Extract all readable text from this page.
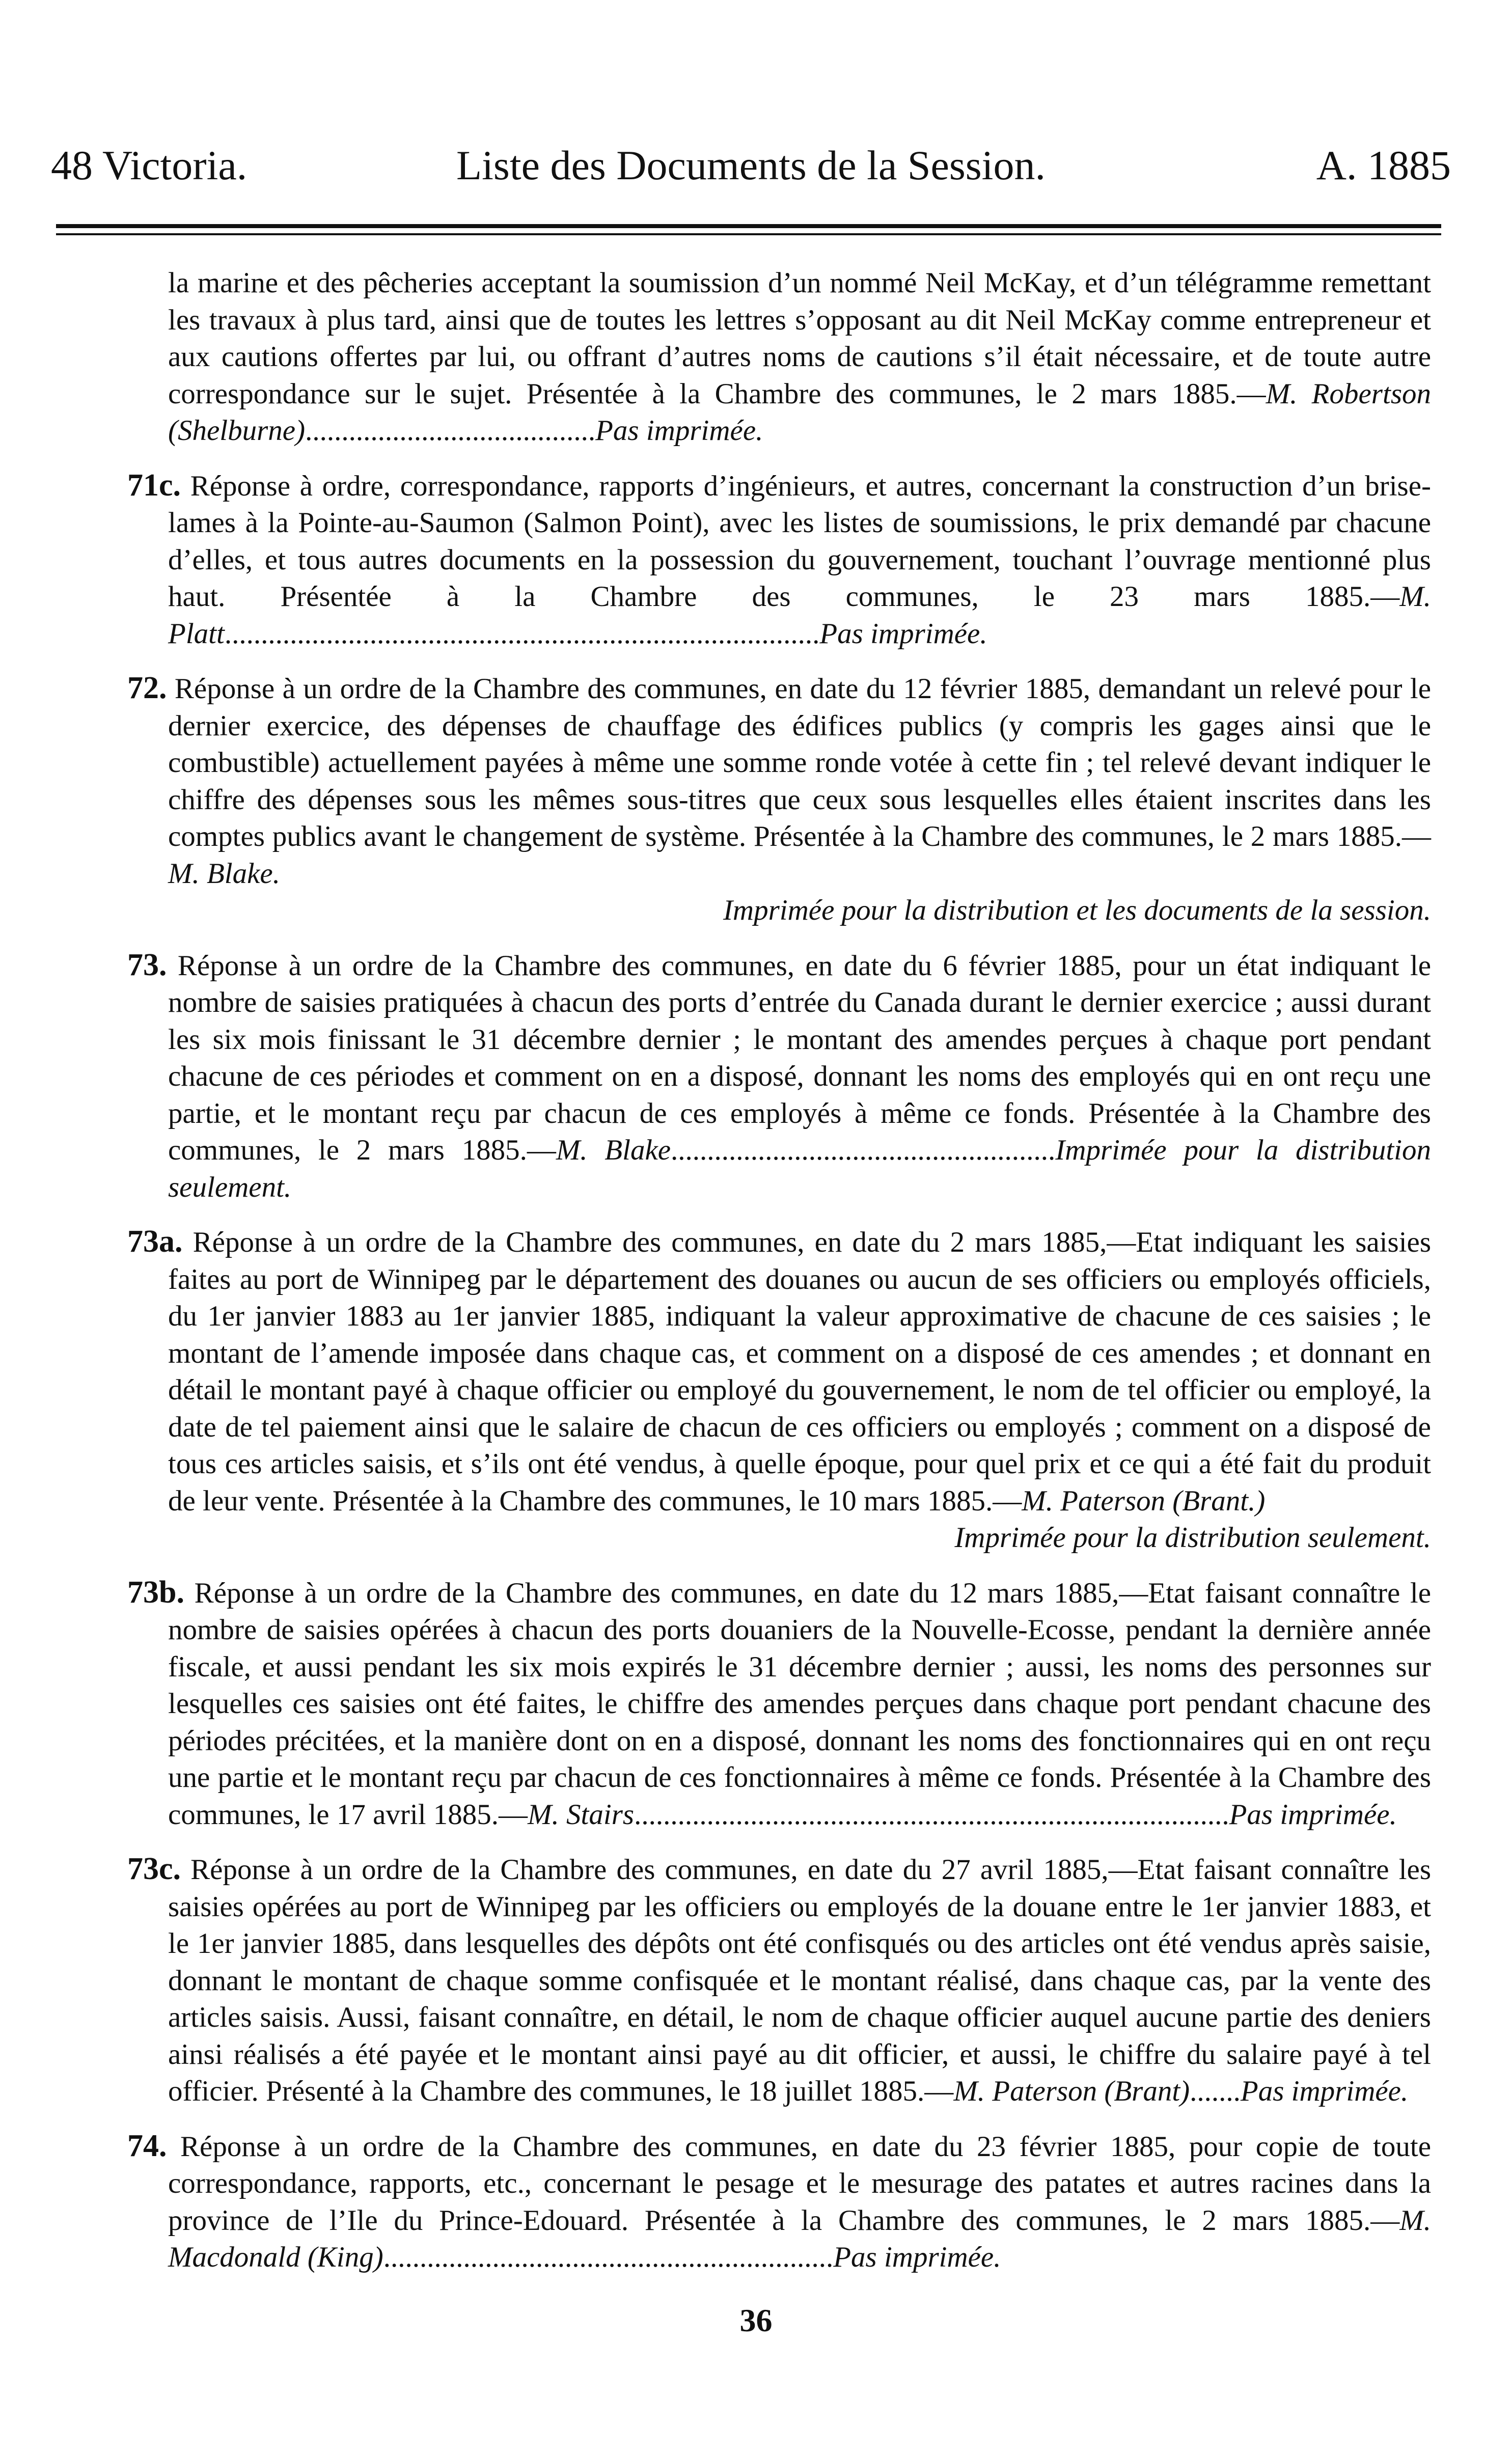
48 Victoria.	Liste des Documents de la Session.	A. 1885
la marine et des pêcheries acceptant la soumission d’un nommé Neil McKay, et d’un télégramme remettant les travaux à plus tard, ainsi que de toutes les lettres s’opposant au dit Neil McKay comme entrepreneur et aux cautions offertes par lui, ou offrant d’autres noms de cautions s’il était nécessaire, et de toute autre correspondance sur le sujet. Présentée à la Chambre des communes, le 2 mars 1885.—M. Robertson (Shelburne)........................................Pas imprimée.
71c. Réponse à ordre, correspondance, rapports d’ingénieurs, et autres, concernant la construction d’un brise-lames à la Pointe-au-Saumon (Salmon Point), avec les listes de soumissions, le prix demandé par chacune d’elles, et tous autres documents en la possession du gouvernement, touchant l’ouvrage mentionné plus haut. Présentée à la Chambre des communes, le 23 mars 1885.—M. Platt..................................................................................Pas imprimée.
72. Réponse à un ordre de la Chambre des communes, en date du 12 février 1885, demandant un relevé pour le dernier exercice, des dépenses de chauffage des édifices publics (y compris les gages ainsi que le combustible) actuellement payées à même une somme ronde votée à cette fin ; tel relevé devant indiquer le chiffre des dépenses sous les mêmes sous-titres que ceux sous lesquelles elles étaient inscrites dans les comptes publics avant le changement de système. Présentée à la Chambre des communes, le 2 mars 1885.—M. Blake.
Imprimée pour la distribution et les documents de la session.
73. Réponse à un ordre de la Chambre des communes, en date du 6 février 1885, pour un état indiquant le nombre de saisies pratiquées à chacun des ports d’entrée du Canada durant le dernier exercice ; aussi durant les six mois finissant le 31 décembre dernier ; le montant des amendes perçues à chaque port pendant chacune de ces périodes et comment on en a disposé, donnant les noms des employés qui en ont reçu une partie, et le montant reçu par chacun de ces employés à même ce fonds. Présentée à la Chambre des communes, le 2 mars 1885.—M. Blake.....................................................Imprimée pour la distribution seulement.
73a. Réponse à un ordre de la Chambre des communes, en date du 2 mars 1885,—Etat indiquant les saisies faites au port de Winnipeg par le département des douanes ou aucun de ses officiers ou employés officiels, du 1er janvier 1883 au 1er janvier 1885, indiquant la valeur approximative de chacune de ces saisies ; le montant de l’amende imposée dans chaque cas, et comment on a disposé de ces amendes ; et donnant en détail le montant payé à chaque officier ou employé du gouvernement, le nom de tel officier ou employé, la date de tel paiement ainsi que le salaire de chacun de ces officiers ou employés ; comment on a disposé de tous ces articles saisis, et s’ils ont été vendus, à quelle époque, pour quel prix et ce qui a été fait du produit de leur vente. Présentée à la Chambre des communes, le 10 mars 1885.—M. Paterson (Brant.)
Imprimée pour la distribution seulement.
73b. Réponse à un ordre de la Chambre des communes, en date du 12 mars 1885,—Etat faisant connaître le nombre de saisies opérées à chacun des ports douaniers de la Nouvelle-Ecosse, pendant la dernière année fiscale, et aussi pendant les six mois expirés le 31 décembre dernier ; aussi, les noms des personnes sur lesquelles ces saisies ont été faites, le chiffre des amendes perçues dans chaque port pendant chacune des périodes précitées, et la manière dont on en a disposé, donnant les noms des fonctionnaires qui en ont reçu une partie et le montant reçu par chacun de ces fonctionnaires à même ce fonds. Présentée à la Chambre des communes, le 17 avril 1885.—M. Stairs..................................................................................Pas imprimée.
73c. Réponse à un ordre de la Chambre des communes, en date du 27 avril 1885,—Etat faisant connaître les saisies opérées au port de Winnipeg par les officiers ou employés de la douane entre le 1er janvier 1883, et le 1er janvier 1885, dans lesquelles des dépôts ont été confisqués ou des articles ont été vendus après saisie, donnant le montant de chaque somme confisquée et le montant réalisé, dans chaque cas, par la vente des articles saisis. Aussi, faisant connaître, en détail, le nom de chaque officier auquel aucune partie des deniers ainsi réalisés a été payée et le montant ainsi payé au dit officier, et aussi, le chiffre du salaire payé à tel officier. Présenté à la Chambre des communes, le 18 juillet 1885.—M. Paterson (Brant).......Pas imprimée.
74. Réponse à un ordre de la Chambre des communes, en date du 23 février 1885, pour copie de toute correspondance, rapports, etc., concernant le pesage et le mesurage des patates et autres racines dans la province de l’Ile du Prince-Edouard. Présentée à la Chambre des communes, le 2 mars 1885.—M. Macdonald (King)..............................................................Pas imprimée.
36
